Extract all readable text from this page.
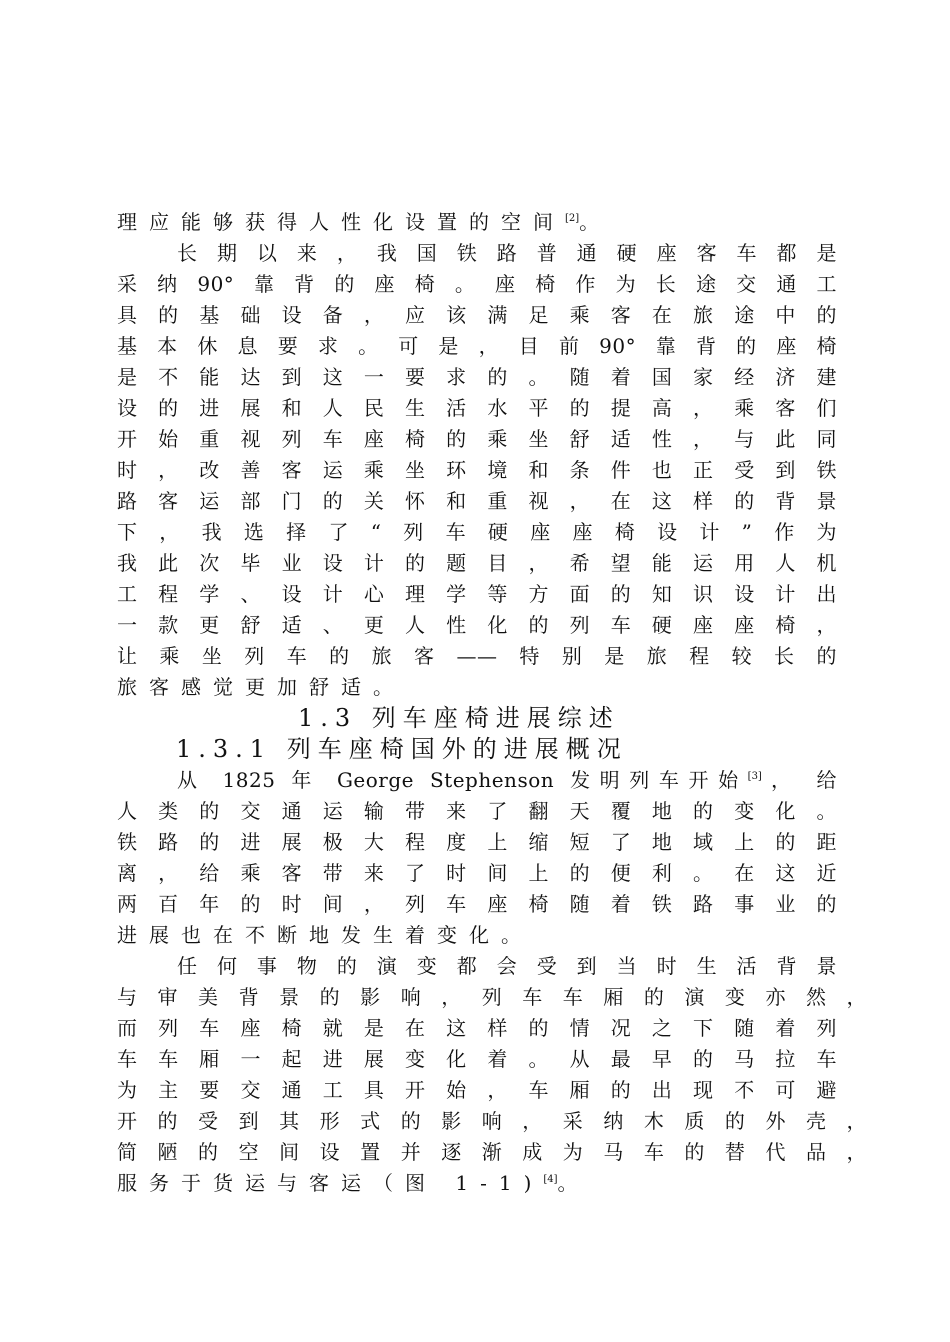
理应能够获得人性化设置的空间[2]。
长期以来，我国铁路普通硬座客车都是
采纳90°靠背的座椅。座椅作为长途交通工
具的基础设备，应该满足乘客在旅途中的
基本休息要求。可是，目前90°靠背的座椅
是不能达到这一要求的。随着国家经济建
设的进展和人民生活水平的提高，乘客们
开始重视列车座椅的乘坐舒适性，与此同
时，改善客运乘坐环境和条件也正受到铁
路客运部门的关怀和重视，在这样的背景
下，我选择了“列车硬座座椅设计”作为
我此次毕业设计的题目，希望能运用人机
工程学、设计心理学等方面的知识设计出
一款更舒适、更人性化的列车硬座座椅，
让乘坐列车的旅客——特别是旅程较长的
旅客感觉更加舒适。
1.3 列车座椅进展综述
1.3.1 列车座椅国外的进展概况
从 1825 年 George Stephenson 发明列车开始[3]， 给
人类的交通运输带来了翻天覆地的变化。
铁路的进展极大程度上缩短了地域上的距
离，给乘客带来了时间上的便利。在这近
两百年的时间，列车座椅随着铁路事业的
进展也在不断地发生着变化。
任何事物的演变都会受到当时生活背景
与审美背景的影响，列车车厢的演变亦然，
而列车座椅就是在这样的情况之下随着列
车车厢一起进展变化着。从最早的马拉车
为主要交通工具开始，车厢的出现不可避
开的受到其形式的影响，采纳木质的外壳，
简陋的空间设置并逐渐成为马车的替代品，
服务于货运与客运（图 1-1)[4]。
